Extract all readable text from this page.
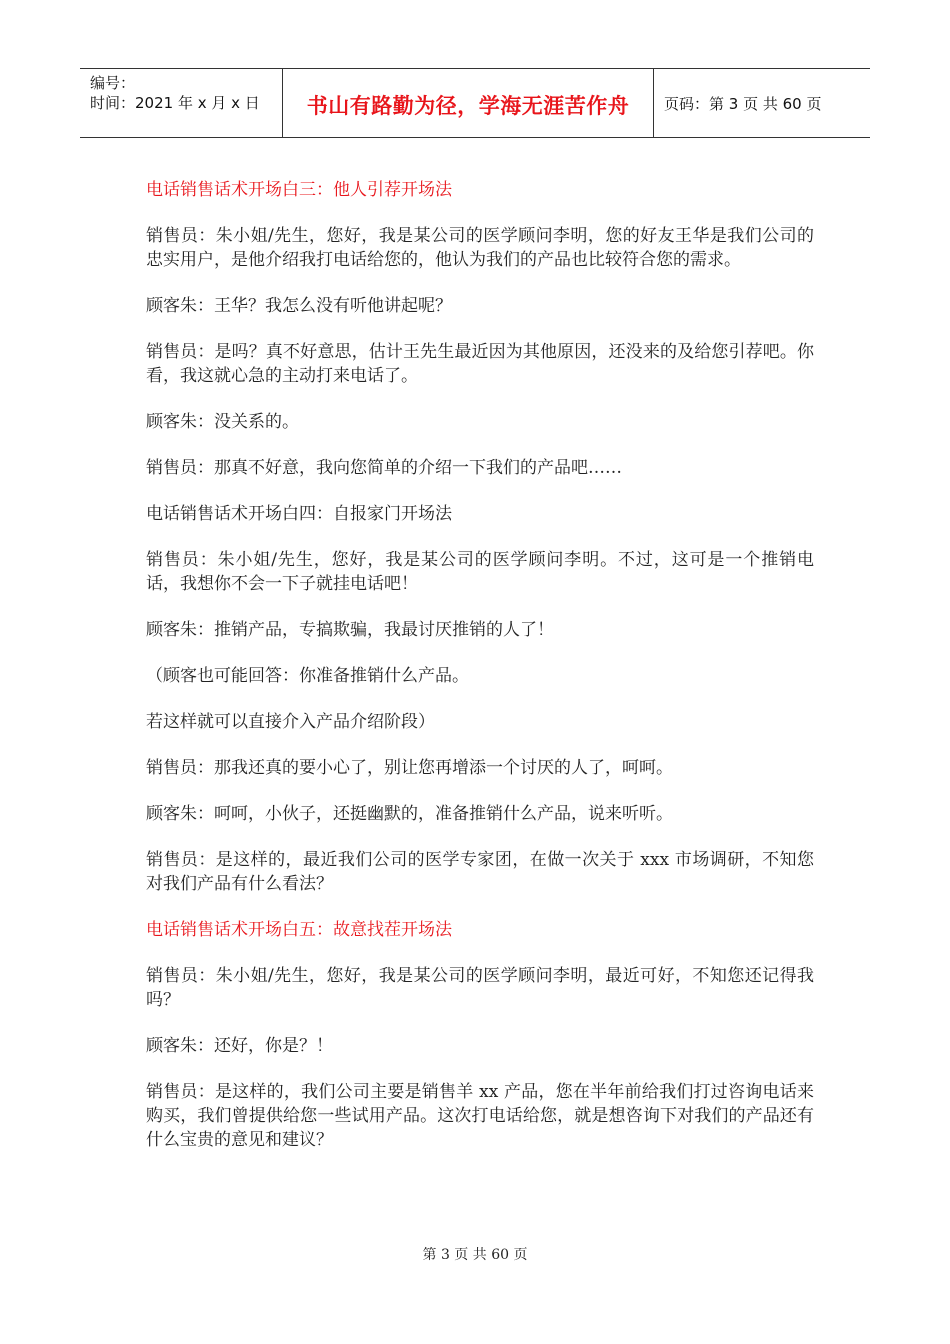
编号：
时间：2021 年 x 月 x 日	书山有路勤为径，学海无涯苦作舟 页码：第 3 页 共 60 页

电话销售话术开场白三：他人引荐开场法

销售员：朱小姐/先生，您好，我是某公司的医学顾问李明，您的好友王华是我们公司的忠实用户，是他介绍我打电话给您的，他认为我们的产品也比较符合您的需求。

顾客朱：王华？我怎么没有听他讲起呢？

销售员：是吗？真不好意思，估计王先生最近因为其他原因，还没来的及给您引荐吧。你看，我这就心急的主动打来电话了。

顾客朱：没关系的。

销售员：那真不好意，我向您简单的介绍一下我们的产品吧……

电话销售话术开场白四：自报家门开场法

销售员：朱小姐/先生，您好，我是某公司的医学顾问李明。不过，这可是一个推销电话，我想你不会一下子就挂电话吧！

顾客朱：推销产品，专搞欺骗，我最讨厌推销的人了！

（顾客也可能回答：你准备推销什么产品。

若这样就可以直接介入产品介绍阶段）

销售员：那我还真的要小心了，别让您再增添一个讨厌的人了，呵呵。

顾客朱：呵呵，小伙子，还挺幽默的，准备推销什么产品，说来听听。

销售员：是这样的，最近我们公司的医学专家团，在做一次关于 xxx 市场调研，不知您对我们产品有什么看法？

电话销售话术开场白五：故意找茬开场法

销售员：朱小姐/先生，您好，我是某公司的医学顾问李明，最近可好，不知您还记得我吗？

顾客朱：还好，你是？！

销售员：是这样的，我们公司主要是销售羊 xx 产品，您在半年前给我们打过咨询电话来购买，我们曾提供给您一些试用产品。这次打电话给您，就是想咨询下对我们的产品还有什么宝贵的意见和建议？

第 3 页 共 60 页
